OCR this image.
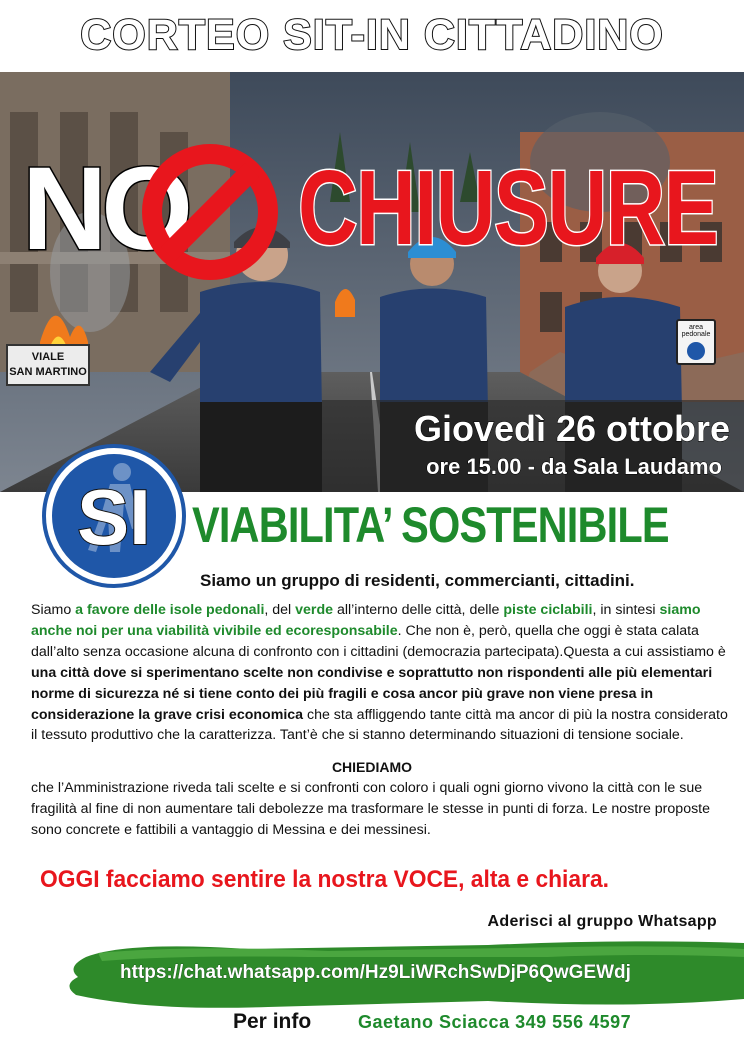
CORTEO SIT-IN CITTADINO
VIALE
SAN MARTINO
area pedonale
NO CHIUSURE
Giovedì 26 ottobre
ore 15.00 - da Sala Laudamo
SI VIABILITA’ SOSTENIBILE
Siamo un gruppo di residenti, commercianti, cittadini.
Siamo a favore delle isole pedonali, del verde all’interno delle città, delle piste ciclabili, in sintesi siamo anche noi per una viabilità vivibile ed ecoresponsabile. Che non è, però, quella che oggi è stata calata dall’alto senza occasione alcuna di confronto con i cittadini (democrazia partecipata).Questa a cui assistiamo è una città dove si sperimentano scelte non condivise e soprattutto non rispondenti alle più elementari norme di sicurezza né si tiene conto dei più fragili e cosa ancor più grave non viene presa in considerazione la grave crisi economica che sta affliggendo tante città ma ancor di più la nostra considerato il tessuto produttivo che la caratterizza. Tant’è che si stanno determinando situazioni di tensione sociale.
CHIEDIAMO
che l’Amministrazione riveda tali scelte e si confronti con coloro i quali ogni giorno vivono la città con le sue fragilità al fine di non aumentare tali debolezze ma trasformare le stesse in punti di forza. Le nostre proposte sono concrete e fattibili a vantaggio di Messina e dei messinesi.
OGGI facciamo sentire la nostra VOCE, alta e chiara.
Aderisci al gruppo Whatsapp
https://chat.whatsapp.com/Hz9LiWRchSwDjP6QwGEWdj
Per info	Gaetano Sciacca 349 556 4597
